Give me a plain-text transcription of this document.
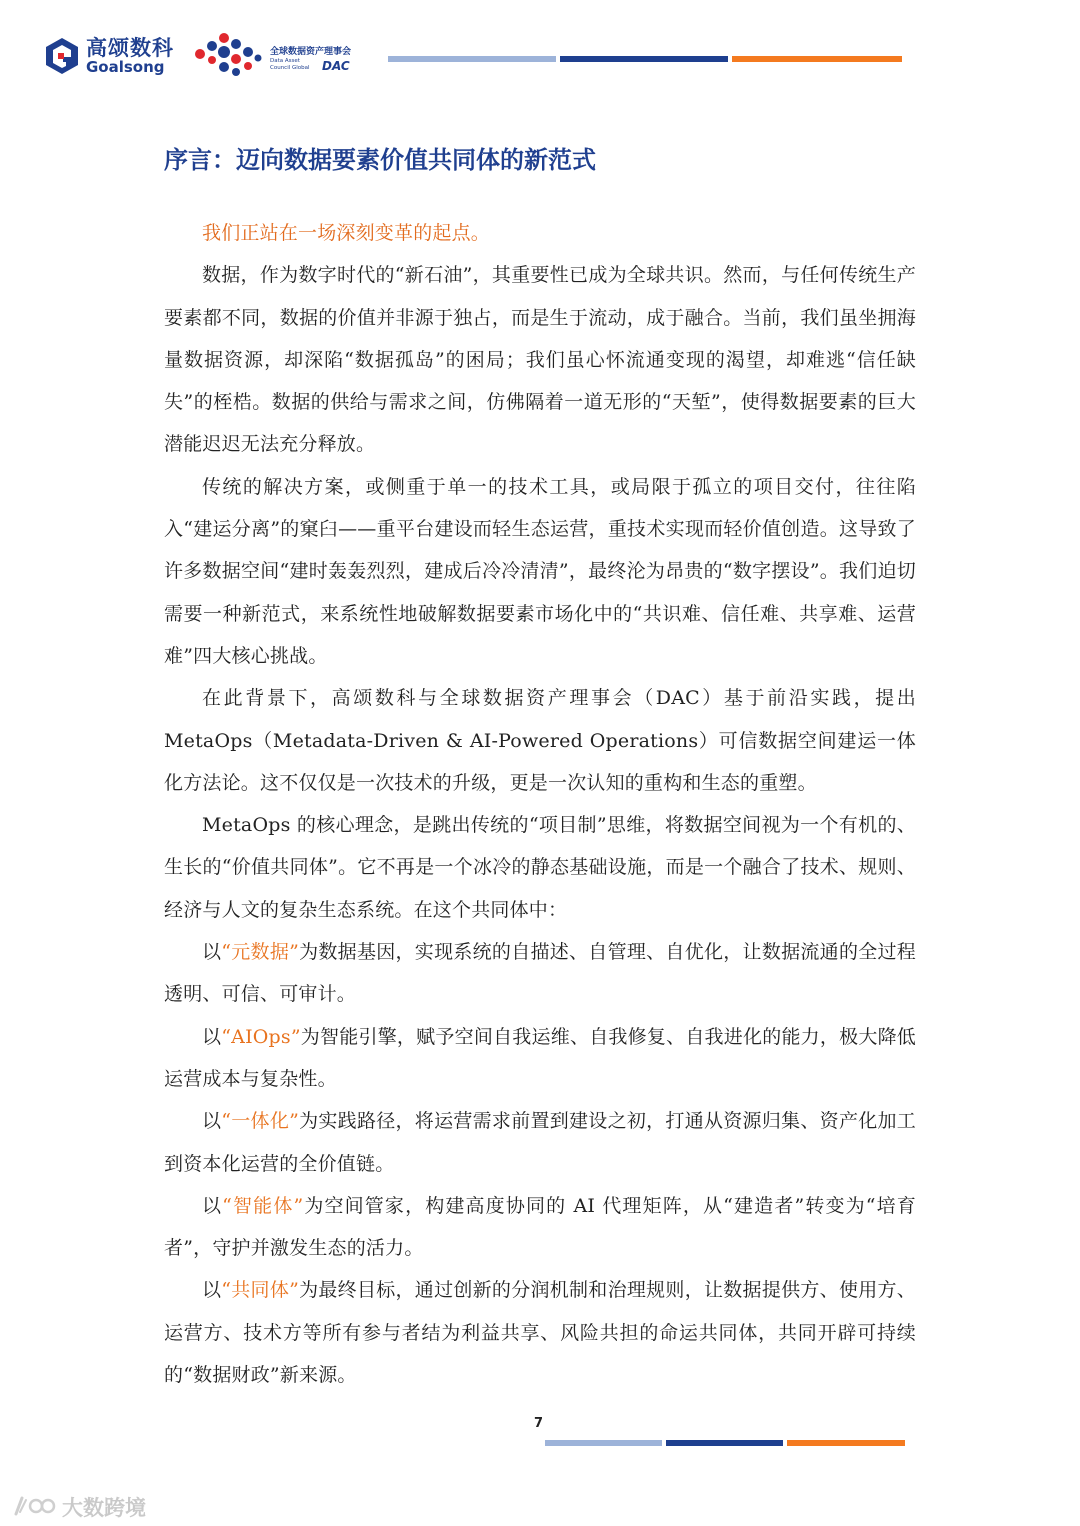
高颂数科
Goalsong
全球数据资产理事会
Data Asset
Council Global DAC
序言：迈向数据要素价值共同体的新范式

我们正站在一场深刻变革的起点。

数据，作为数字时代的“新石油”，其重要性已成为全球共识。然而，与任何传统生产要素都不同，数据的价值并非源于独占，而是生于流动，成于融合。当前，我们虽坐拥海量数据资源，却深陷“数据孤岛”的困局；我们虽心怀流通变现的渴望，却难逃“信任缺失”的桎梏。数据的供给与需求之间，仿佛隔着一道无形的“天堑”，使得数据要素的巨大潜能迟迟无法充分释放。

传统的解决方案，或侧重于单一的技术工具，或局限于孤立的项目交付，往往陷入“建运分离”的窠臼——重平台建设而轻生态运营，重技术实现而轻价值创造。这导致了许多数据空间“建时轰轰烈烈，建成后冷冷清清”，最终沦为昂贵的“数字摆设”。我们迫切需要一种新范式，来系统性地破解数据要素市场化中的“共识难、信任难、共享难、运营难”四大核心挑战。

在此背景下，高颂数科与全球数据资产理事会（DAC）基于前沿实践，提出 MetaOps（Metadata-Driven & AI-Powered Operations）可信数据空间建运一体化方法论。这不仅仅是一次技术的升级，更是一次认知的重构和生态的重塑。

MetaOps 的核心理念，是跳出传统的“项目制”思维，将数据空间视为一个有机的、生长的“价值共同体”。它不再是一个冰冷的静态基础设施，而是一个融合了技术、规则、经济与人文的复杂生态系统。在这个共同体中：

以“元数据”为数据基因，实现系统的自描述、自管理、自优化，让数据流通的全过程透明、可信、可审计。

以“AIOps”为智能引擎，赋予空间自我运维、自我修复、自我进化的能力，极大降低运营成本与复杂性。

以“一体化”为实践路径，将运营需求前置到建设之初，打通从资源归集、资产化加工到资本化运营的全价值链。

以“智能体”为空间管家，构建高度协同的 AI 代理矩阵，从“建造者”转变为“培育者”，守护并激发生态的活力。

以“共同体”为最终目标，通过创新的分润机制和治理规则，让数据提供方、使用方、运营方、技术方等所有参与者结为利益共享、风险共担的命运共同体，共同开辟可持续的“数据财政”新来源。

7
大数跨境
